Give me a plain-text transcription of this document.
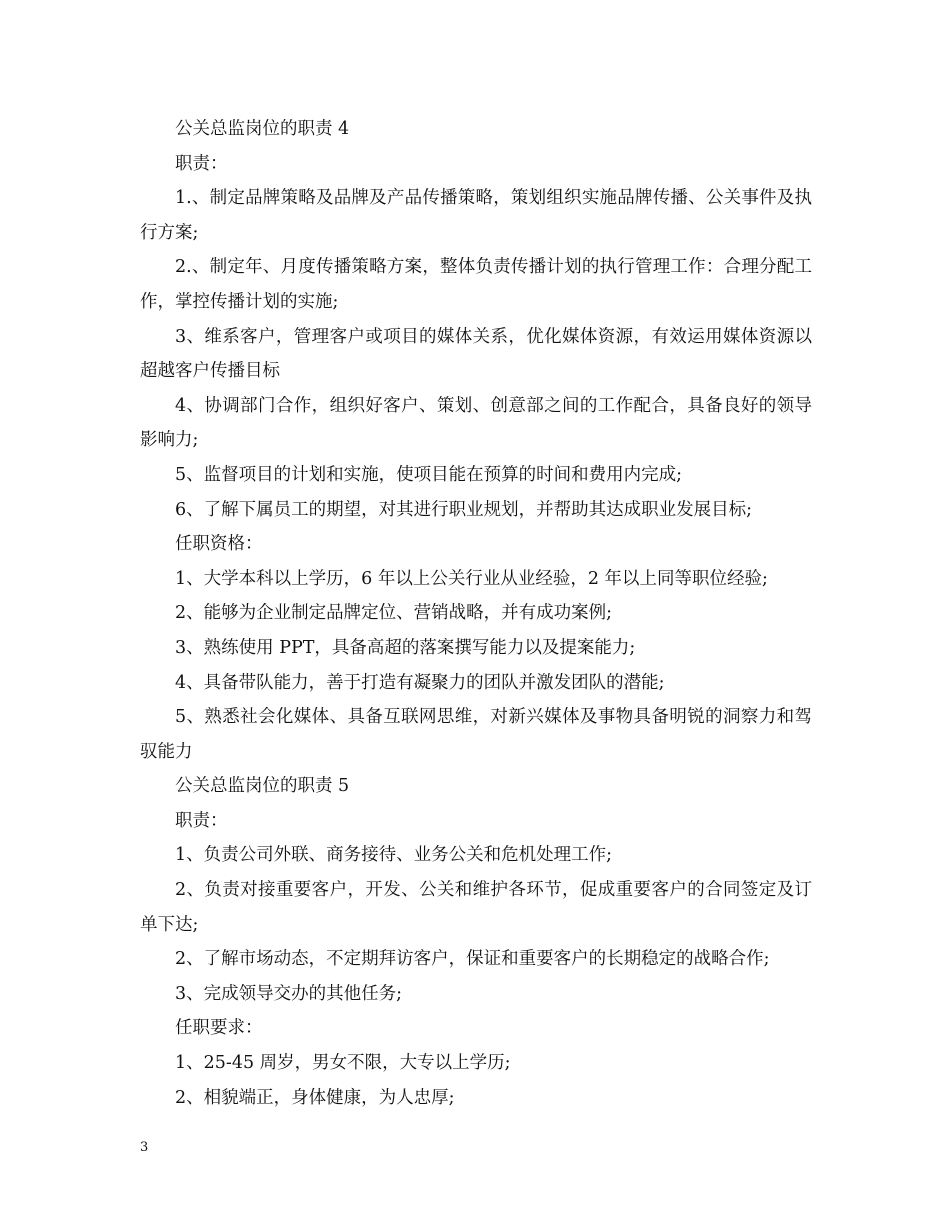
公关总监岗位的职责 4

职责：

1.、制定品牌策略及品牌及产品传播策略，策划组织实施品牌传播、公关事件及执行方案;

2.、制定年、月度传播策略方案，整体负责传播计划的执行管理工作：合理分配工作，掌控传播计划的实施;

3、维系客户，管理客户或项目的媒体关系，优化媒体资源，有效运用媒体资源以超越客户传播目标

4、协调部门合作，组织好客户、策划、创意部之间的工作配合，具备良好的领导影响力;

5、监督项目的计划和实施，使项目能在预算的时间和费用内完成;

6、了解下属员工的期望，对其进行职业规划，并帮助其达成职业发展目标;

任职资格：

1、大学本科以上学历，6 年以上公关行业从业经验，2 年以上同等职位经验;

2、能够为企业制定品牌定位、营销战略，并有成功案例;

3、熟练使用 PPT，具备高超的落案撰写能力以及提案能力;

4、具备带队能力，善于打造有凝聚力的团队并激发团队的潜能;

5、熟悉社会化媒体、具备互联网思维，对新兴媒体及事物具备明锐的洞察力和驾驭能力

公关总监岗位的职责 5

职责：

1、负责公司外联、商务接待、业务公关和危机处理工作;

2、负责对接重要客户，开发、公关和维护各环节，促成重要客户的合同签定及订单下达;

2、了解市场动态，不定期拜访客户，保证和重要客户的长期稳定的战略合作;

3、完成领导交办的其他任务;

任职要求：

1、25-45 周岁，男女不限，大专以上学历;

2、相貌端正，身体健康，为人忠厚;

3
